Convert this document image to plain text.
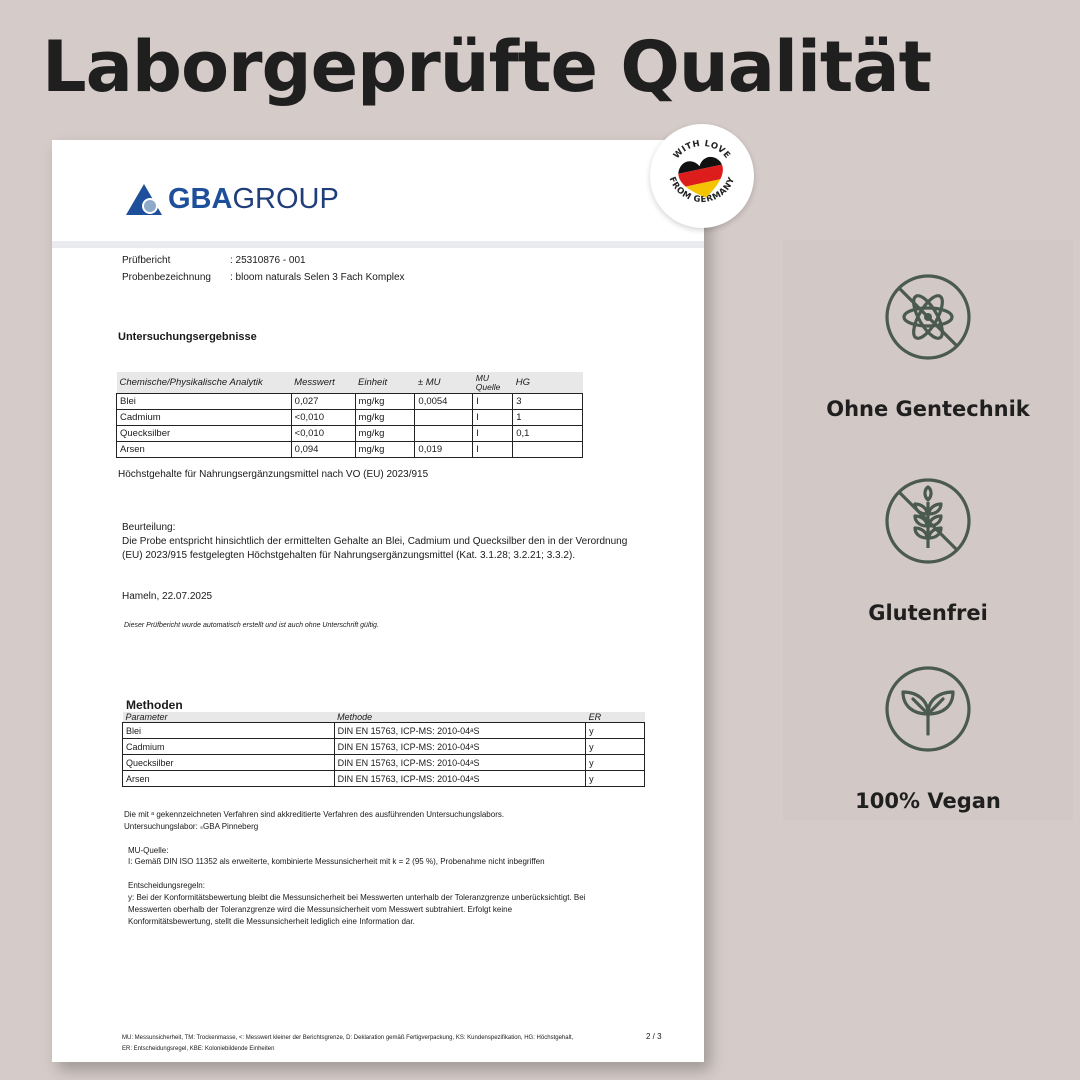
Laborgeprüfte Qualität
GBAGROUP
Prüfbericht	: 25310876 - 001
Probenbezeichnung : bloom naturals Selen 3 Fach Komplex
Untersuchungsergebnisse
Chemische/Physikalische Analytik	Messwert	Einheit	± MU	MU Quelle	HG
Blei	0,027	mg/kg	0,0054	I	3
Cadmium	<0,010	mg/kg		I	1
Quecksilber	<0,010	mg/kg		I	0,1
Arsen	0,094	mg/kg	0,019	I	
Höchstgehalte für Nahrungsergänzungsmittel nach VO (EU) 2023/915
Beurteilung:
Die Probe entspricht hinsichtlich der ermittelten Gehalte an Blei, Cadmium und Quecksilber den in der Verordnung
(EU) 2023/915 festgelegten Höchstgehalten für Nahrungsergänzungsmittel (Kat. 3.1.28; 3.2.21; 3.3.2).
Hameln, 22.07.2025
Dieser Prüfbericht wurde automatisch erstellt und ist auch ohne Unterschrift gültig.
Methoden
Parameter	Methode	ER
Blei	DIN EN 15763, ICP-MS: 2010-04ᵃS	y
Cadmium	DIN EN 15763, ICP-MS: 2010-04ᵃS	y
Quecksilber	DIN EN 15763, ICP-MS: 2010-04ᵃS	y
Arsen	DIN EN 15763, ICP-MS: 2010-04ᵃS	y
Die mit ᵃ gekennzeichneten Verfahren sind akkreditierte Verfahren des ausführenden Untersuchungslabors.
Untersuchungslabor: ₛGBA Pinneberg
MU-Quelle:
I: Gemäß DIN ISO 11352 als erweiterte, kombinierte Messunsicherheit mit k = 2 (95 %), Probenahme nicht inbegriffen
Entscheidungsregeln:
y: Bei der Konformitätsbewertung bleibt die Messunsicherheit bei Messwerten unterhalb der Toleranzgrenze unberücksichtigt. Bei
Messwerten oberhalb der Toleranzgrenze wird die Messunsicherheit vom Messwert subtrahiert. Erfolgt keine
Konformitätsbewertung, stellt die Messunsicherheit lediglich eine Information dar.
MU: Messunsicherheit, TM: Trockenmasse, <: Messwert kleiner der Berichtsgrenze, D: Deklaration gemäß Fertigverpackung, KS: Kundenspezifikation, HG: Höchstgehalt,
ER: Entscheidungsregel, KBE: Koloniebildende Einheiten
2 / 3
WITH LOVE
FROM GERMANY
Ohne Gentechnik
Glutenfrei
100% Vegan
